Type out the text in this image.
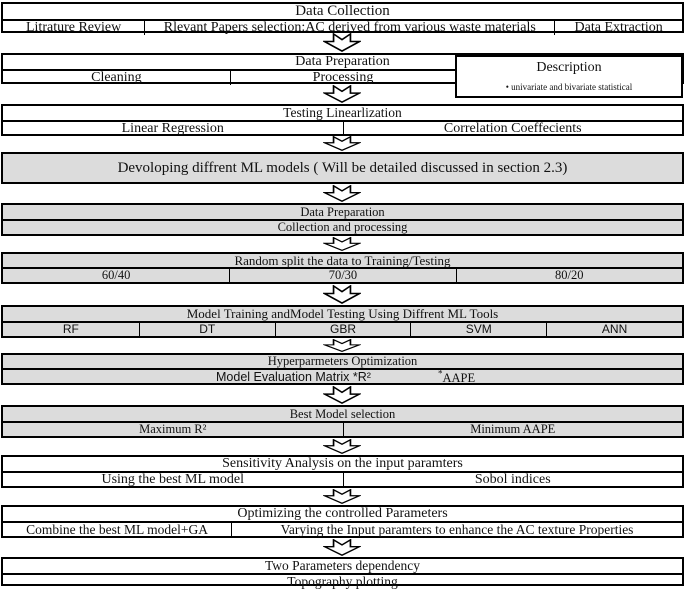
Data Collection
Litrature Review	Rlevant Papers selection:AC derived from various waste materials	Data Extraction
Data Preparation
Cleaning	Processing
Description
• univariate and bivariate statistical
Testing Linearlization
Linear Regression	Correlation Coeffecients
Devoloping diffrent ML models ( Will be detailed discussed in section 2.3)
Data Preparation
Collection and processing
Random split the data to Training/Testing
60/40	70/30	80/20
Model Training andModel Testing Using Diffrent ML Tools
RF	DT	GBR	SVM	ANN
Hyperparmeters Optimization
Model Evaluation Matrix *R²	*AAPE
Best Model selection
Maximum R²	Minimum AAPE
Sensitivity Analysis on the input paramters
Using the best ML model	Sobol indices
Optimizing the controlled Parameters
Combine the best ML model+GA	Varying the Input paramters to enhance the AC texture Properties
Two Parameters dependency
Topography plotting
